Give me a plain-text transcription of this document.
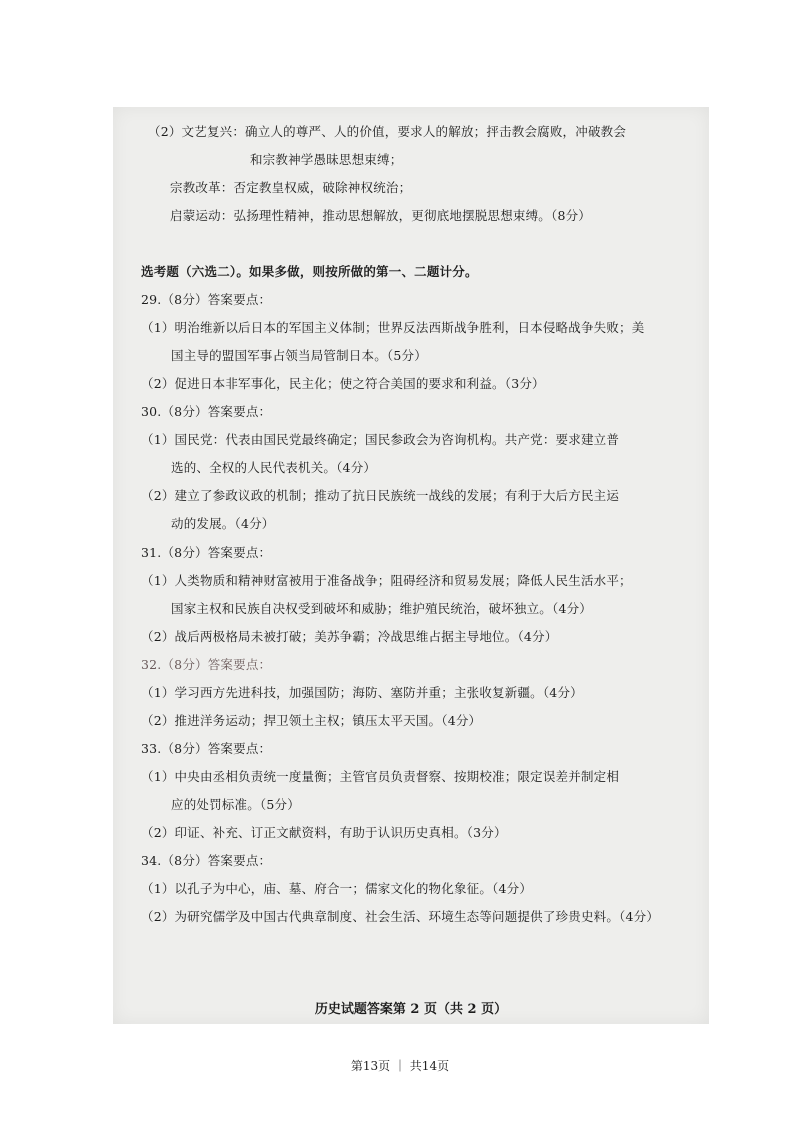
（2）文艺复兴：确立人的尊严、人的价值，要求人的解放；抨击教会腐败，冲破教会
和宗教神学愚昧思想束缚；
宗教改革：否定教皇权威，破除神权统治；
启蒙运动：弘扬理性精神，推动思想解放，更彻底地摆脱思想束缚。（8分）
选考题（六选二）。如果多做，则按所做的第一、二题计分。
29.（8分）答案要点：
（1）明治维新以后日本的军国主义体制；世界反法西斯战争胜利，日本侵略战争失败；美
国主导的盟国军事占领当局管制日本。（5分）
（2）促进日本非军事化，民主化；使之符合美国的要求和利益。（3分）
30.（8分）答案要点：
（1）国民党：代表由国民党最终确定；国民参政会为咨询机构。共产党：要求建立普
选的、全权的人民代表机关。（4分）
（2）建立了参政议政的机制；推动了抗日民族统一战线的发展；有利于大后方民主运
动的发展。（4分）
31.（8分）答案要点：
（1）人类物质和精神财富被用于准备战争；阻碍经济和贸易发展；降低人民生活水平；
国家主权和民族自决权受到破坏和威胁；维护殖民统治，破坏独立。（4分）
（2）战后两极格局未被打破；美苏争霸；冷战思维占据主导地位。（4分）
32.（8分）答案要点：
（1）学习西方先进科技，加强国防；海防、塞防并重；主张收复新疆。（4分）
（2）推进洋务运动；捍卫领土主权；镇压太平天国。（4分）
33.（8分）答案要点：
（1）中央由丞相负责统一度量衡；主管官员负责督察、按期校准；限定误差并制定相
应的处罚标准。（5分）
（2）印证、补充、订正文献资料，有助于认识历史真相。（3分）
34.（8分）答案要点：
（1）以孔子为中心，庙、墓、府合一；儒家文化的物化象征。（4分）
（2）为研究儒学及中国古代典章制度、社会生活、环境生态等问题提供了珍贵史料。（4分）
历史试题答案第 2 页（共 2 页）
第13页 ｜ 共14页
